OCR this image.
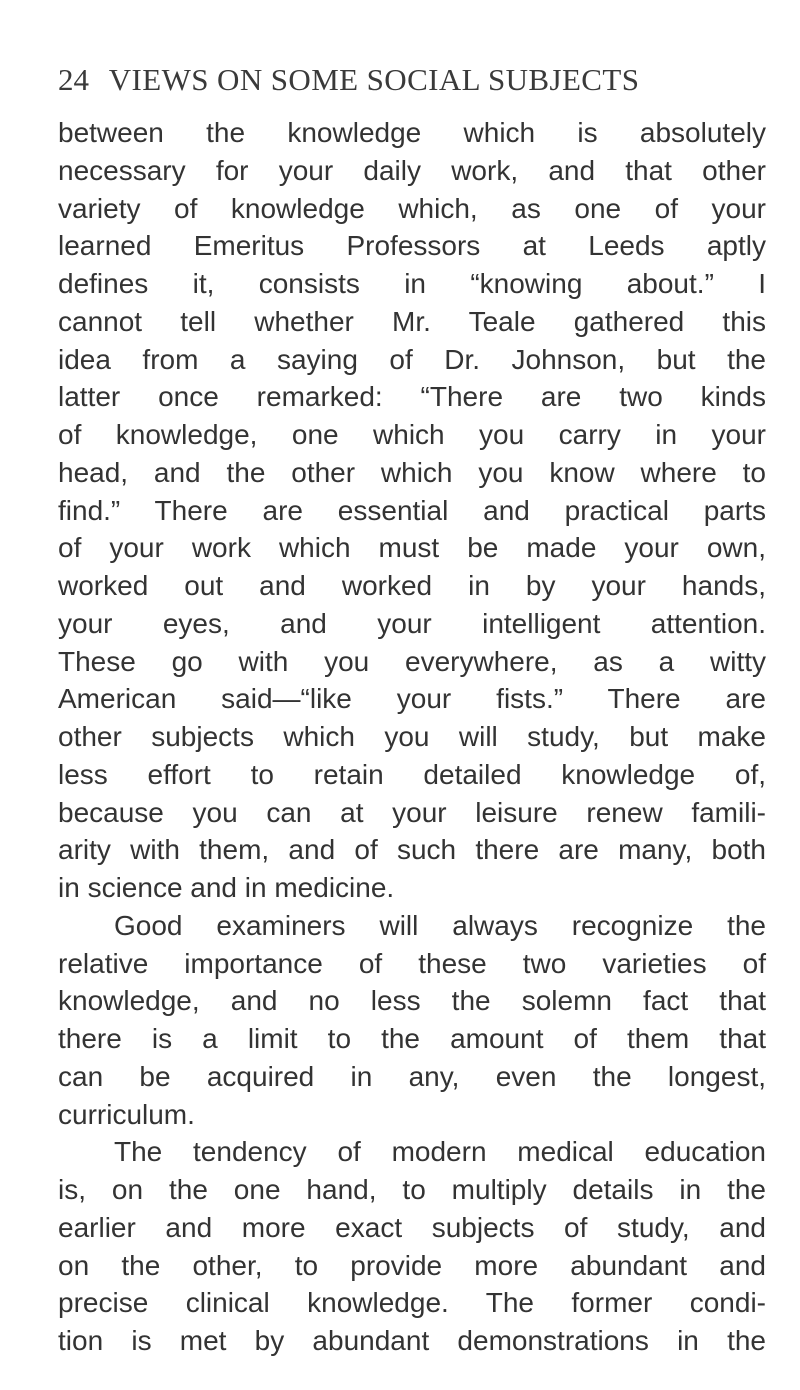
24 VIEWS ON SOME SOCIAL SUBJECTS
between the knowledge which is absolutely
necessary for your daily work, and that other
variety of knowledge which, as one of your
learned Emeritus Professors at Leeds aptly
defines it, consists in “knowing about.” I
cannot tell whether Mr. Teale gathered this
idea from a saying of Dr. Johnson, but the
latter once remarked: “There are two kinds
of knowledge, one which you carry in your
head, and the other which you know where to
find.” There are essential and practical parts
of your work which must be made your own,
worked out and worked in by your hands,
your eyes, and your intelligent attention.
These go with you everywhere, as a witty
American said—“like your fists.” There are
other subjects which you will study, but make
less effort to retain detailed knowledge of,
because you can at your leisure renew famili-
arity with them, and of such there are many, both
in science and in medicine.
Good examiners will always recognize the
relative importance of these two varieties of
knowledge, and no less the solemn fact that
there is a limit to the amount of them that
can be acquired in any, even the longest,
curriculum.
The tendency of modern medical education
is, on the one hand, to multiply details in the
earlier and more exact subjects of study, and
on the other, to provide more abundant and
precise clinical knowledge. The former condi-
tion is met by abundant demonstrations in the
